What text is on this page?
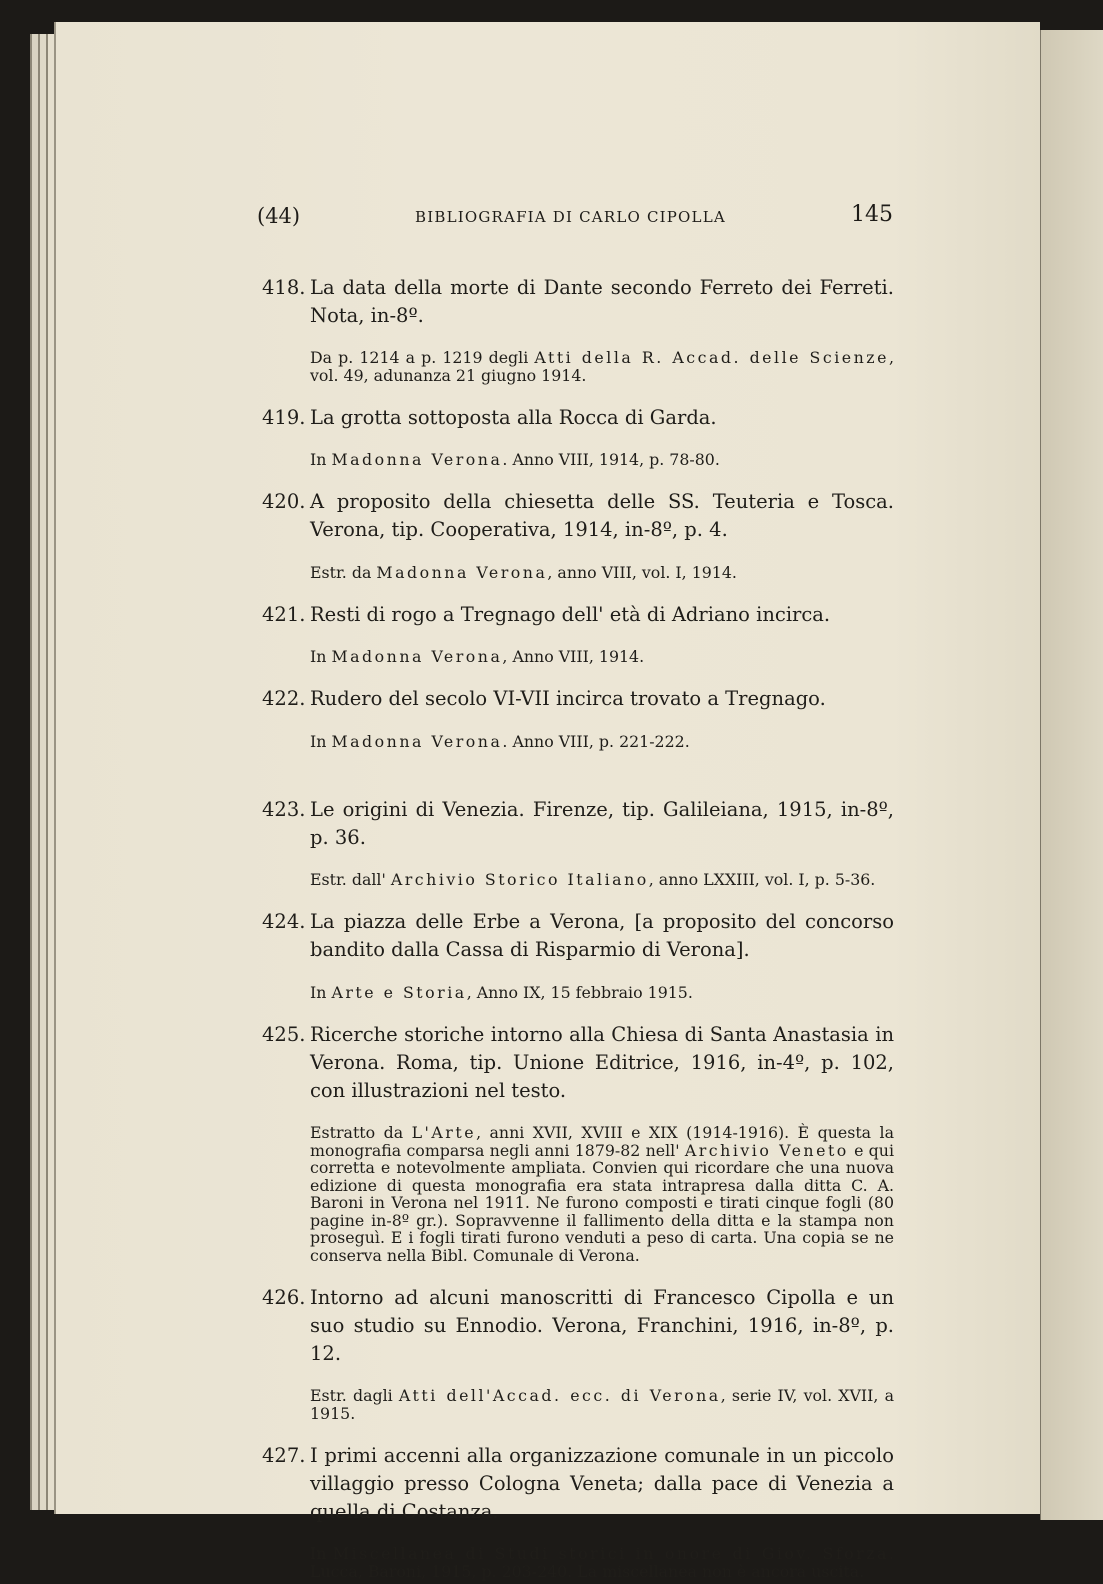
(44)	BIBLIOGRAFIA DI CARLO CIPOLLA	145

418. La data della morte di Dante secondo Ferreto dei Ferreti. Nota, in-8º.

Da p. 1214 a p. 1219 degli Atti della R. Accad. delle Scienze, vol. 49, adunanza 21 giugno 1914.

419. La grotta sottoposta alla Rocca di Garda.

In Madonna Verona. Anno VIII, 1914, p. 78-80.

420. A proposito della chiesetta delle SS. Teuteria e Tosca. Verona, tip. Cooperativa, 1914, in-8º, p. 4.

Estr. da Madonna Verona, anno VIII, vol. I, 1914.

421. Resti di rogo a Tregnago dell' età di Adriano incirca.

In Madonna Verona, Anno VIII, 1914.

422. Rudero del secolo VI-VII incirca trovato a Tregnago.

In Madonna Verona. Anno VIII, p. 221-222.

423. Le origini di Venezia. Firenze, tip. Galileiana, 1915, in-8º, p. 36.

Estr. dall' Archivio Storico Italiano, anno LXXIII, vol. I, p. 5-36.

424. La piazza delle Erbe a Verona, [a proposito del concorso bandito dalla Cassa di Risparmio di Verona].

In Arte e Storia, Anno IX, 15 febbraio 1915.

425. Ricerche storiche intorno alla Chiesa di Santa Anastasia in Verona. Roma, tip. Unione Editrice, 1916, in-4º, p. 102, con illustrazioni nel testo.

Estratto da L'Arte, anni XVII, XVIII e XIX (1914-1916). È questa la monografia comparsa negli anni 1879-82 nell' Archivio Veneto e qui corretta e notevolmente ampliata. Convien qui ricordare che una nuova edizione di questa monografia era stata intrapresa dalla ditta C. A. Baroni in Verona nel 1911. Ne furono composti e tirati cinque fogli (80 pagine in-8º gr.). Sopravvenne il fallimento della ditta e la stampa non proseguì. E i fogli tirati furono venduti a peso di carta. Una copia se ne conserva nella Bibl. Comunale di Verona.

426. Intorno ad alcuni manoscritti di Francesco Cipolla e un suo studio su Ennodio. Verona, Franchini, 1916, in-8º, p. 12.

Estr. dagli Atti dell'Accad. ecc. di Verona, serie IV, vol. XVII, a 1915.

427. I primi accenni alla organizzazione comunale in un piccolo villaggio presso Cologna Veneta; dalla pace di Venezia a quella di Costanza.

In Miscellanea di Studi storici in onore di Giov. Sforza. Lucca, Baroni, 1915, p. 203-240. La miscellanea non è ancora uscita.
